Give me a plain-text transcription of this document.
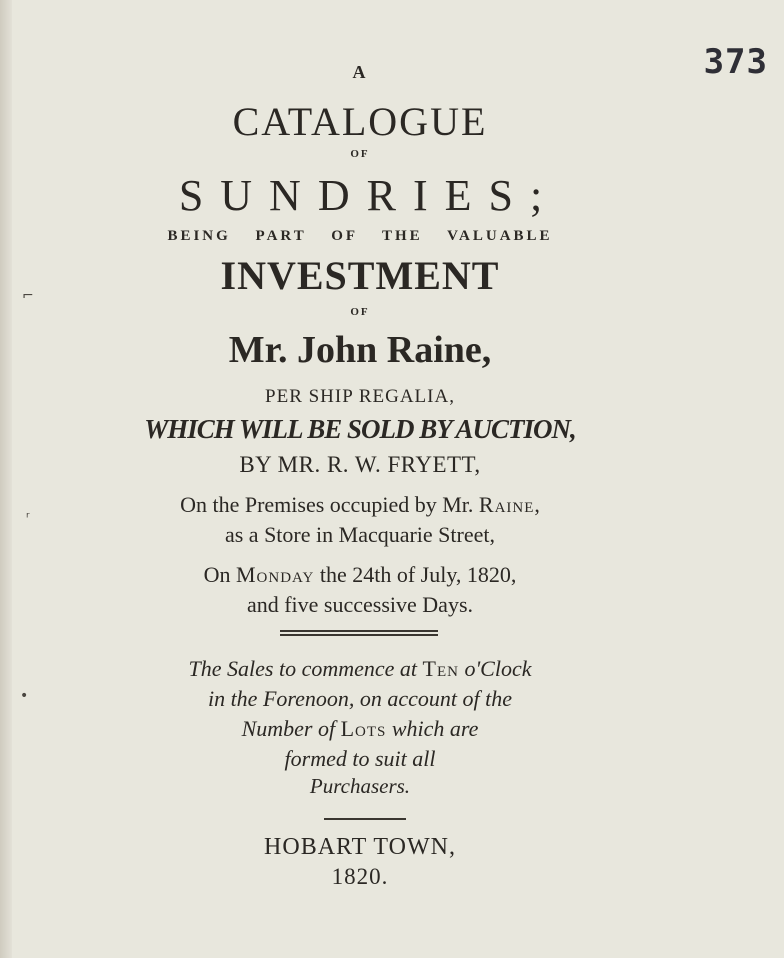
373
A
CATALOGUE
OF
SUNDRIES;
BEING PART OF THE VALUABLE
INVESTMENT
OF
Mr. John Raine,
PER SHIP REGALIA,
WHICH WILL BE SOLD BY AUCTION,
BY MR. R. W. FRYETT,
On the Premises occupied by Mr. Raine,
as a Store in Macquarie Street,
On Monday the 24th of July, 1820,
and five successive Days.
The Sales to commence at Ten o'Clock
in the Forenoon, on account of the
Number of Lots which are
formed to suit all
Purchasers.
HOBART TOWN,
1820.
⌐
ʳ
•
